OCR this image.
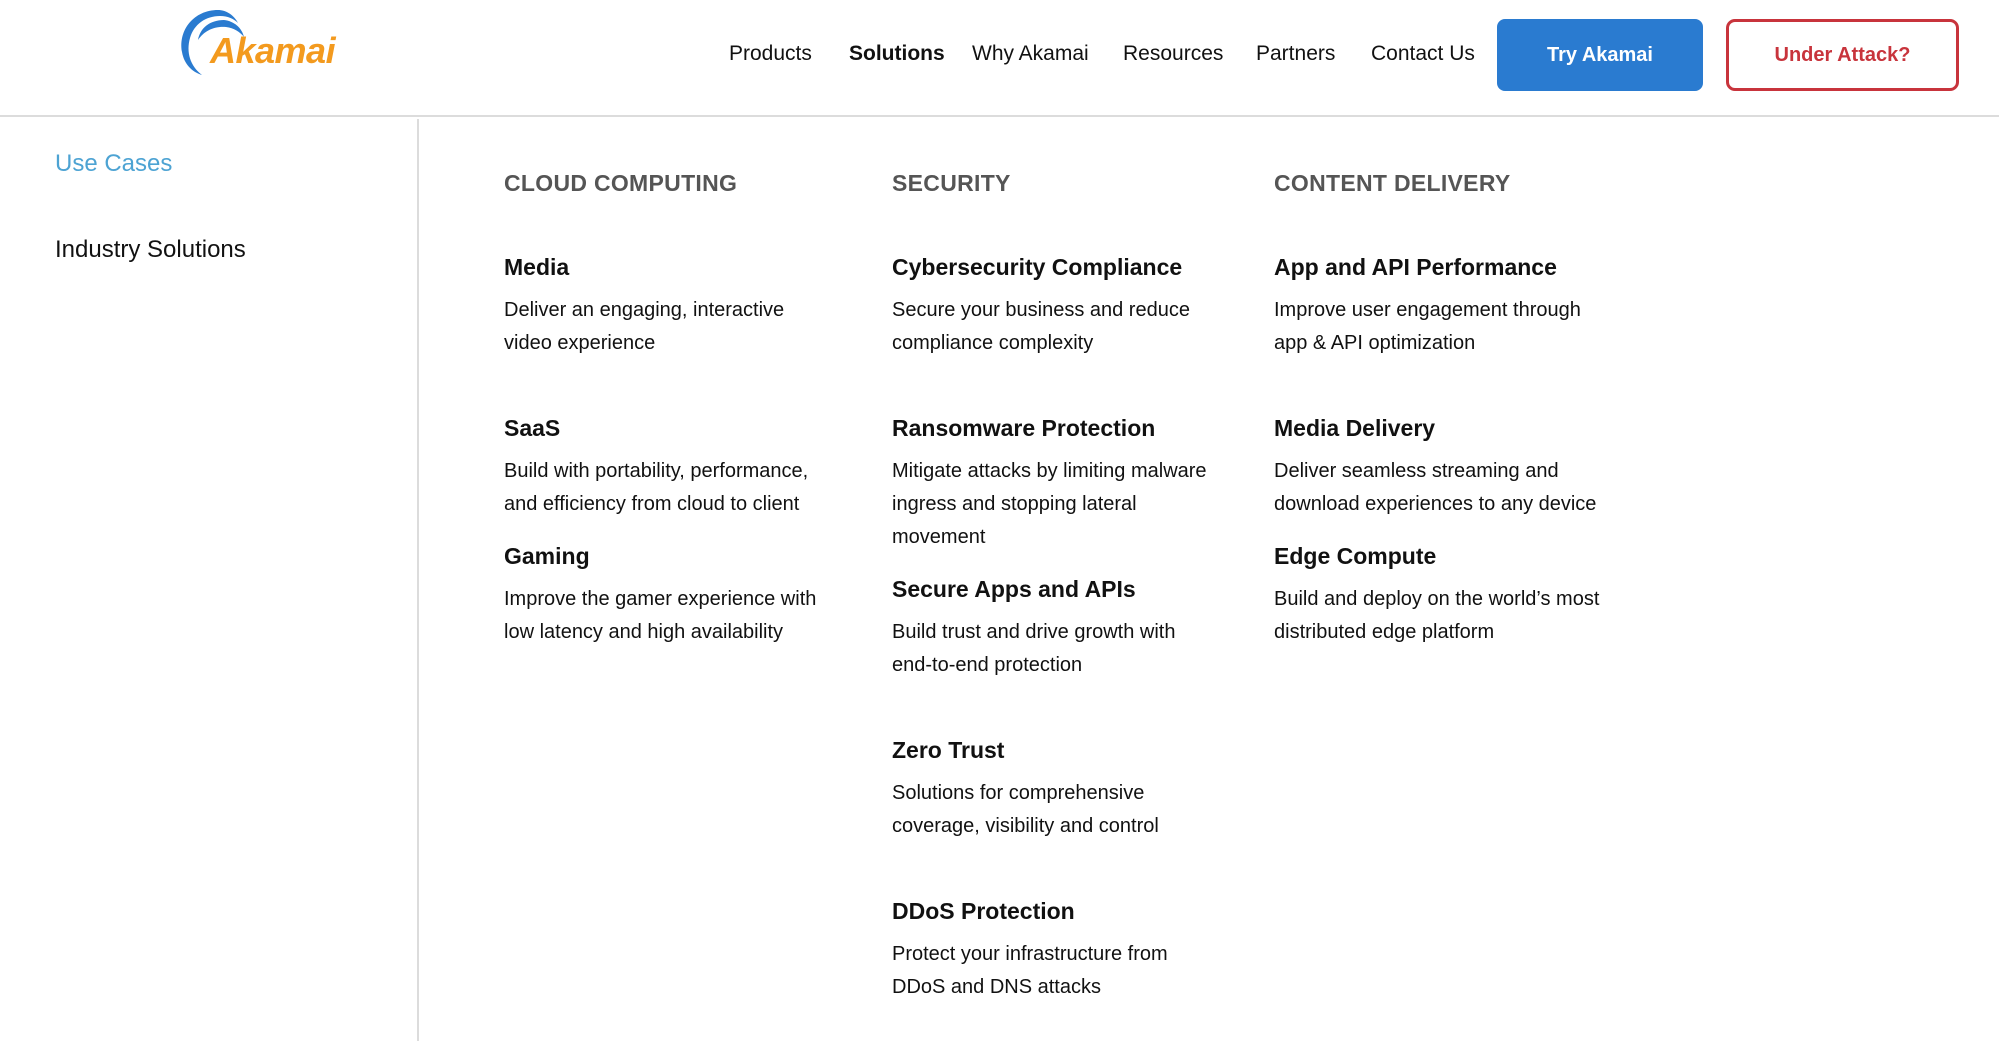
Akamai	Products Solutions Why Akamai Resources Partners Contact Us	Try Akamai	Under Attack?
Use Cases
Industry Solutions
CLOUD COMPUTING
Media
Deliver an engaging, interactive video experience
SaaS
Build with portability, performance, and efficiency from cloud to client
Gaming
Improve the gamer experience with low latency and high availability
SECURITY
Cybersecurity Compliance
Secure your business and reduce compliance complexity
Ransomware Protection
Mitigate attacks by limiting malware ingress and stopping lateral movement
Secure Apps and APIs
Build trust and drive growth with end-to-end protection
Zero Trust
Solutions for comprehensive coverage, visibility and control
DDoS Protection
Protect your infrastructure from DDoS and DNS attacks
CONTENT DELIVERY
App and API Performance
Improve user engagement through app & API optimization
Media Delivery
Deliver seamless streaming and download experiences to any device
Edge Compute
Build and deploy on the world’s most distributed edge platform
